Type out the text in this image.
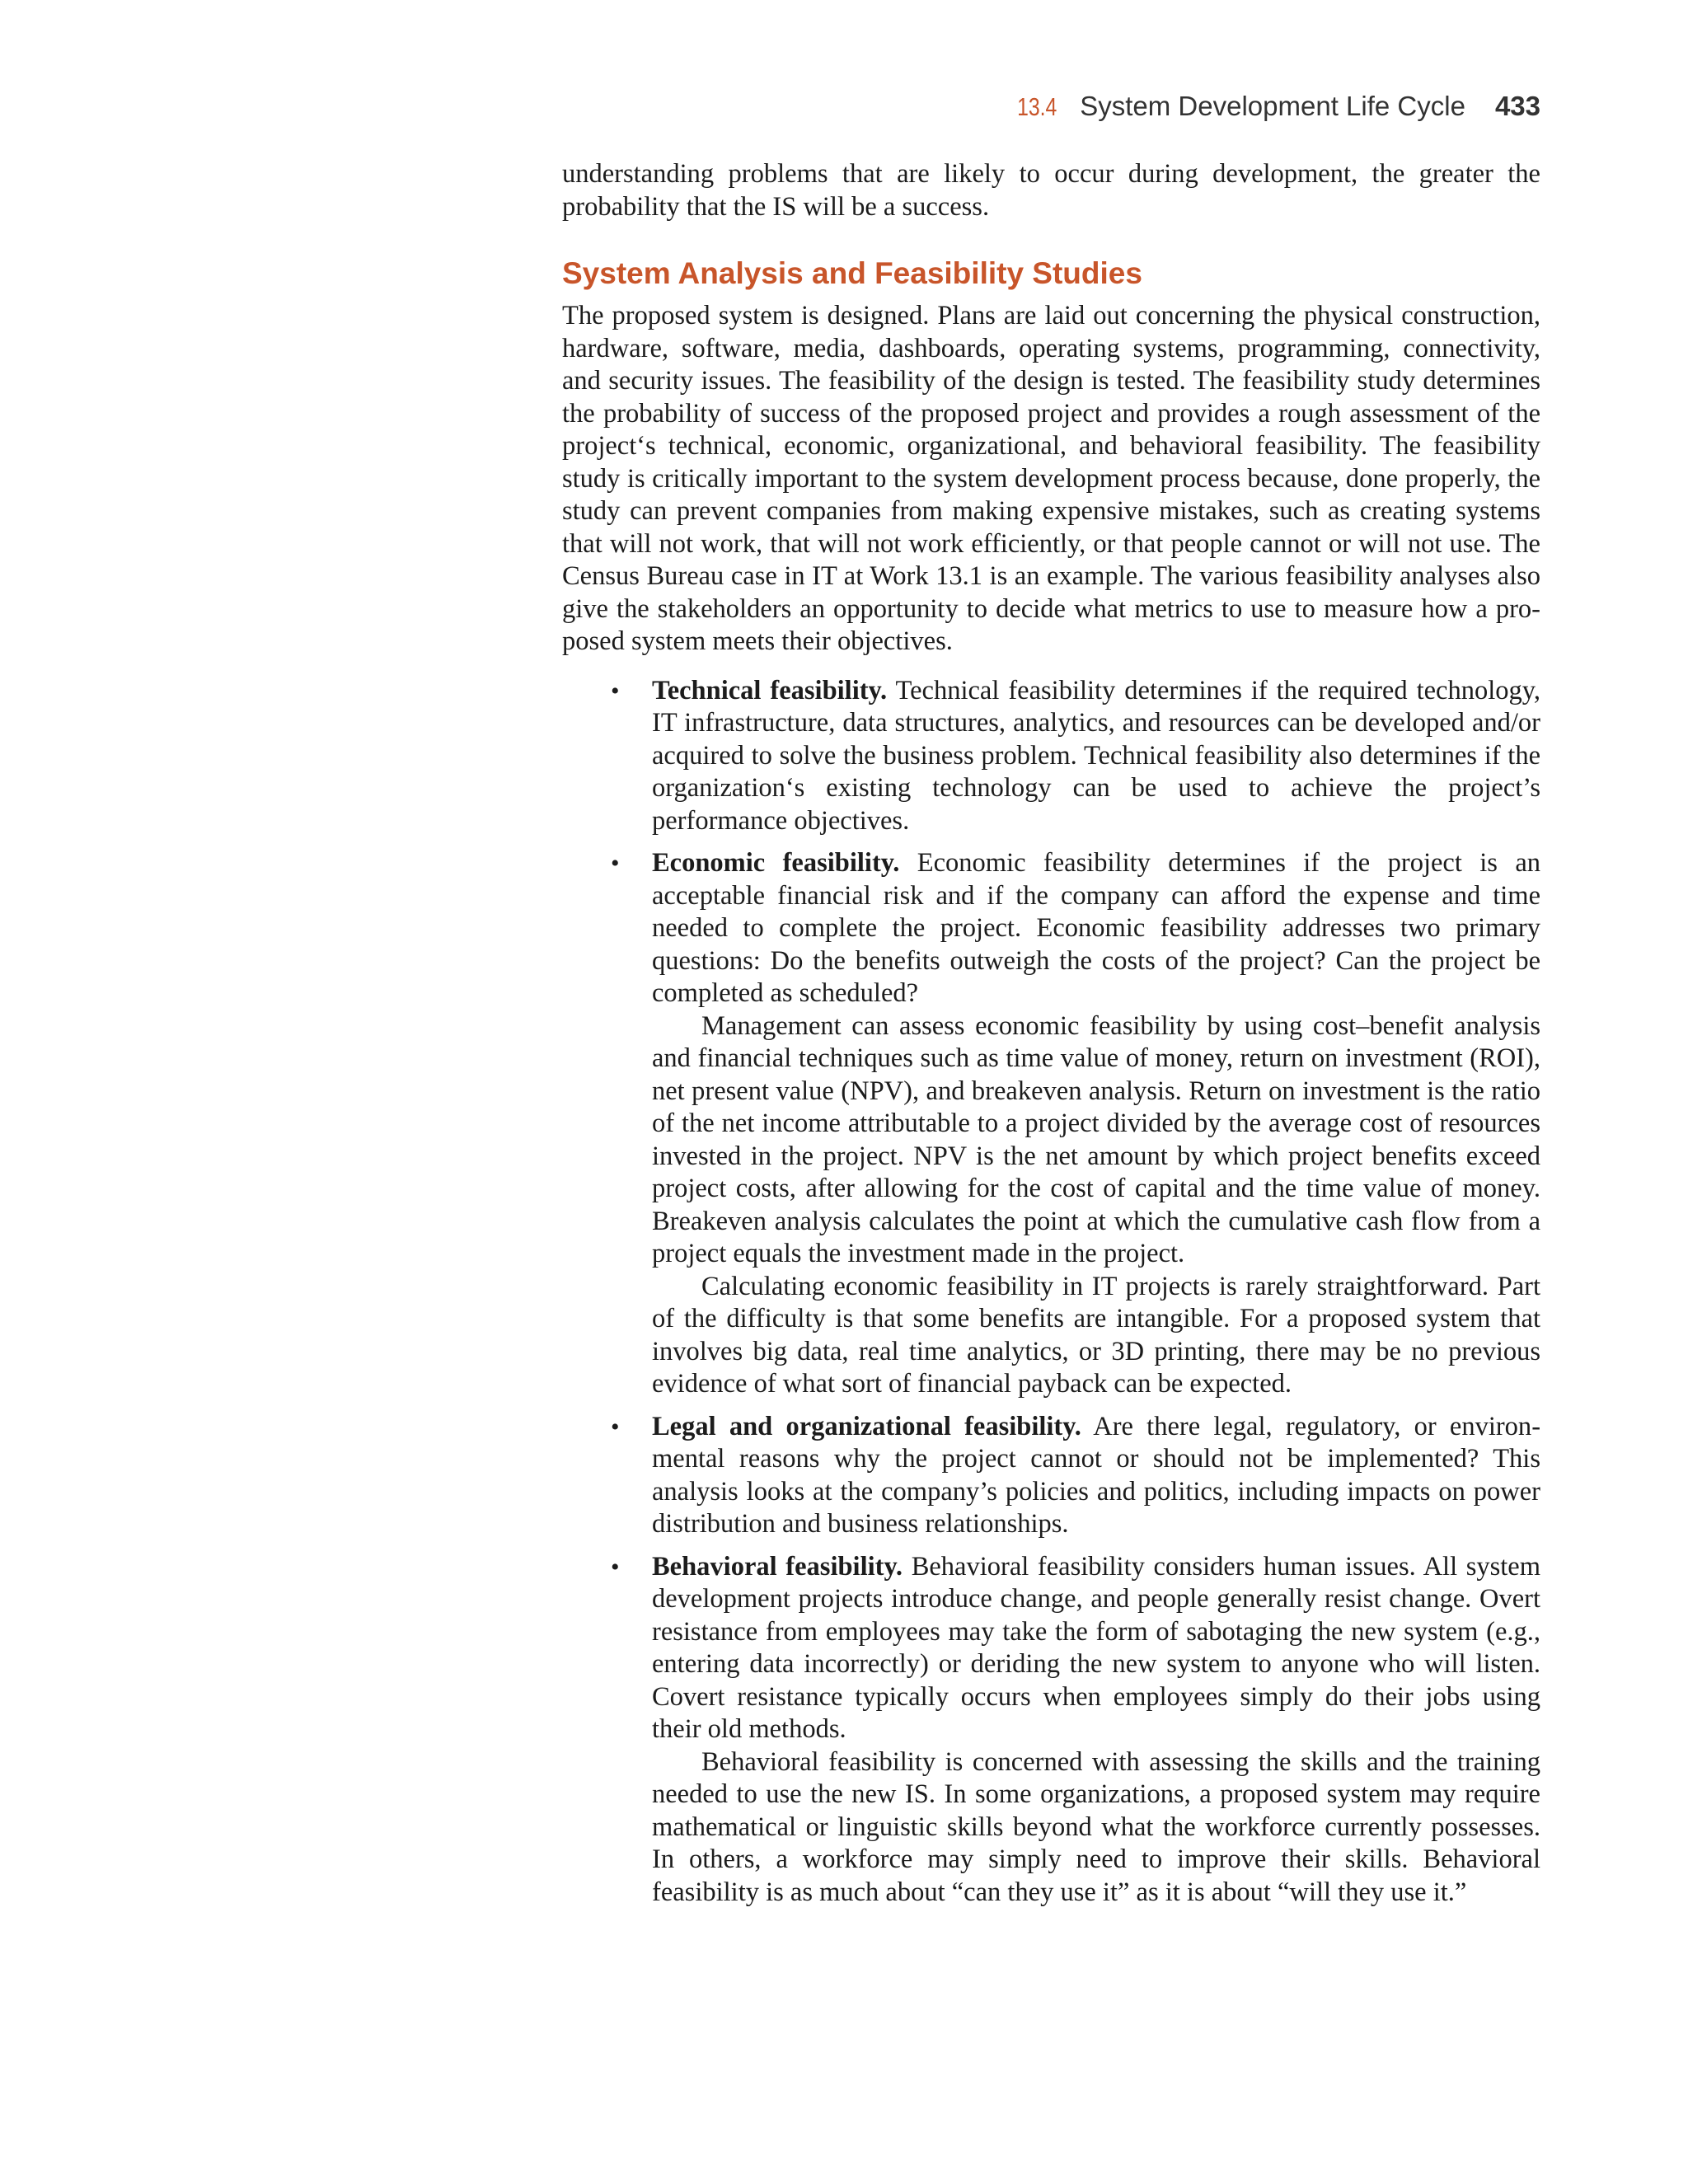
13.4 System Development Life Cycle 433

understanding problems that are likely to occur during development, the greater the probability that the IS will be a success.

System Analysis and Feasibility Studies

The proposed system is designed. Plans are laid out concerning the physical construction, hardware, software, media, dashboards, operating systems, programming, connectivity, and security issues. The feasibility of the design is tested. The feasibility study determines the probability of success of the proposed project and provides a rough assessment of the project‘s technical, economic, organizational, and behavioral feasibility. The feasibility study is critically important to the system development process because, done properly, the study can prevent companies from making expensive mistakes, such as creating systems that will not work, that will not work efficiently, or that people cannot or will not use. The Census Bureau case in IT at Work 13.1 is an example. The various feasibility analyses also give the stakeholders an opportunity to decide what metrics to use to measure how a proposed system meets their objectives.

• Technical feasibility. Technical feasibility determines if the required technology, IT infrastructure, data structures, analytics, and resources can be developed and/or acquired to solve the business problem. Technical feasibility also determines if the organization‘s existing technology can be used to achieve the project’s performance objectives.

• Economic feasibility. Economic feasibility determines if the project is an acceptable financial risk and if the company can afford the expense and time needed to complete the project. Economic feasibility addresses two primary questions: Do the benefits outweigh the costs of the project? Can the project be completed as scheduled?

Management can assess economic feasibility by using cost–benefit analysis and financial techniques such as time value of money, return on investment (ROI), net present value (NPV), and breakeven analysis. Return on investment is the ratio of the net income attributable to a project divided by the average cost of resources invested in the project. NPV is the net amount by which project benefits exceed project costs, after allowing for the cost of capital and the time value of money. Breakeven analysis calculates the point at which the cumulative cash flow from a project equals the investment made in the project.

Calculating economic feasibility in IT projects is rarely straightforward. Part of the difficulty is that some benefits are intangible. For a proposed system that involves big data, real time analytics, or 3D printing, there may be no previous evidence of what sort of financial payback can be expected.

• Legal and organizational feasibility. Are there legal, regulatory, or environmental reasons why the project cannot or should not be implemented? This analysis looks at the company’s policies and politics, including impacts on power distribution and business relationships.

• Behavioral feasibility. Behavioral feasibility considers human issues. All system development projects introduce change, and people generally resist change. Overt resistance from employees may take the form of sabotaging the new system (e.g., entering data incorrectly) or deriding the new system to anyone who will listen. Covert resistance typically occurs when employees simply do their jobs using their old methods.

Behavioral feasibility is concerned with assessing the skills and the training needed to use the new IS. In some organizations, a proposed system may require mathematical or linguistic skills beyond what the workforce currently possesses. In others, a workforce may simply need to improve their skills. Behavioral feasibility is as much about “can they use it” as it is about “will they use it.”
